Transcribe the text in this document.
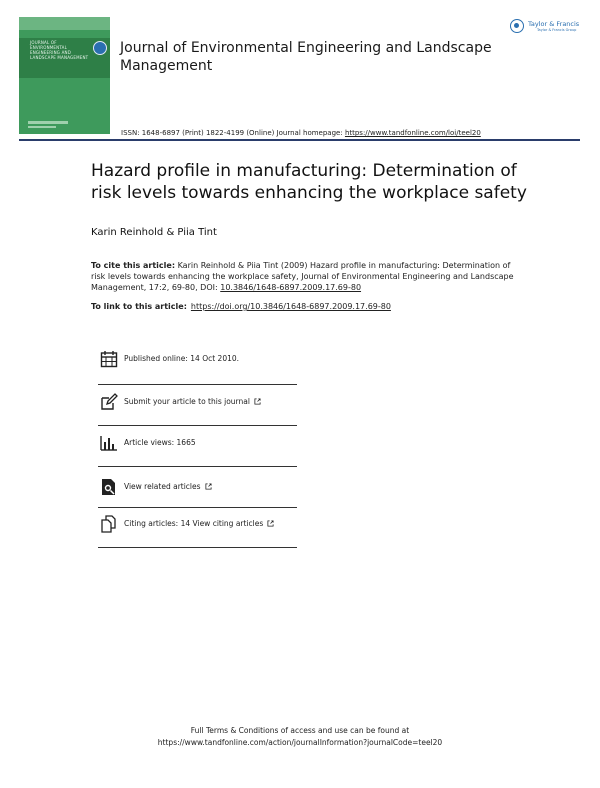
JOURNAL OF ENVIRONMENTAL ENGINEERING AND LANDSCAPE MANAGEMENT
Journal of Environmental Engineering and Landscape Management
Taylor & Francis
Taylor & Francis Group
ISSN: 1648-6897 (Print) 1822-4199 (Online) Journal homepage: https://www.tandfonline.com/loi/teel20
Hazard profile in manufacturing: Determination of risk levels towards enhancing the workplace safety
Karin Reinhold & Piia Tint
To cite this article: Karin Reinhold & Piia Tint (2009) Hazard profile in manufacturing: Determination of risk levels towards enhancing the workplace safety, Journal of Environmental Engineering and Landscape Management, 17:2, 69-80, DOI: 10.3846/1648-6897.2009.17.69-80
To link to this article: https://doi.org/10.3846/1648-6897.2009.17.69-80
Published online: 14 Oct 2010.
Submit your article to this journal
Article views: 1665
View related articles
Citing articles: 14 View citing articles
Full Terms & Conditions of access and use can be found at
https://www.tandfonline.com/action/journalInformation?journalCode=teel20
